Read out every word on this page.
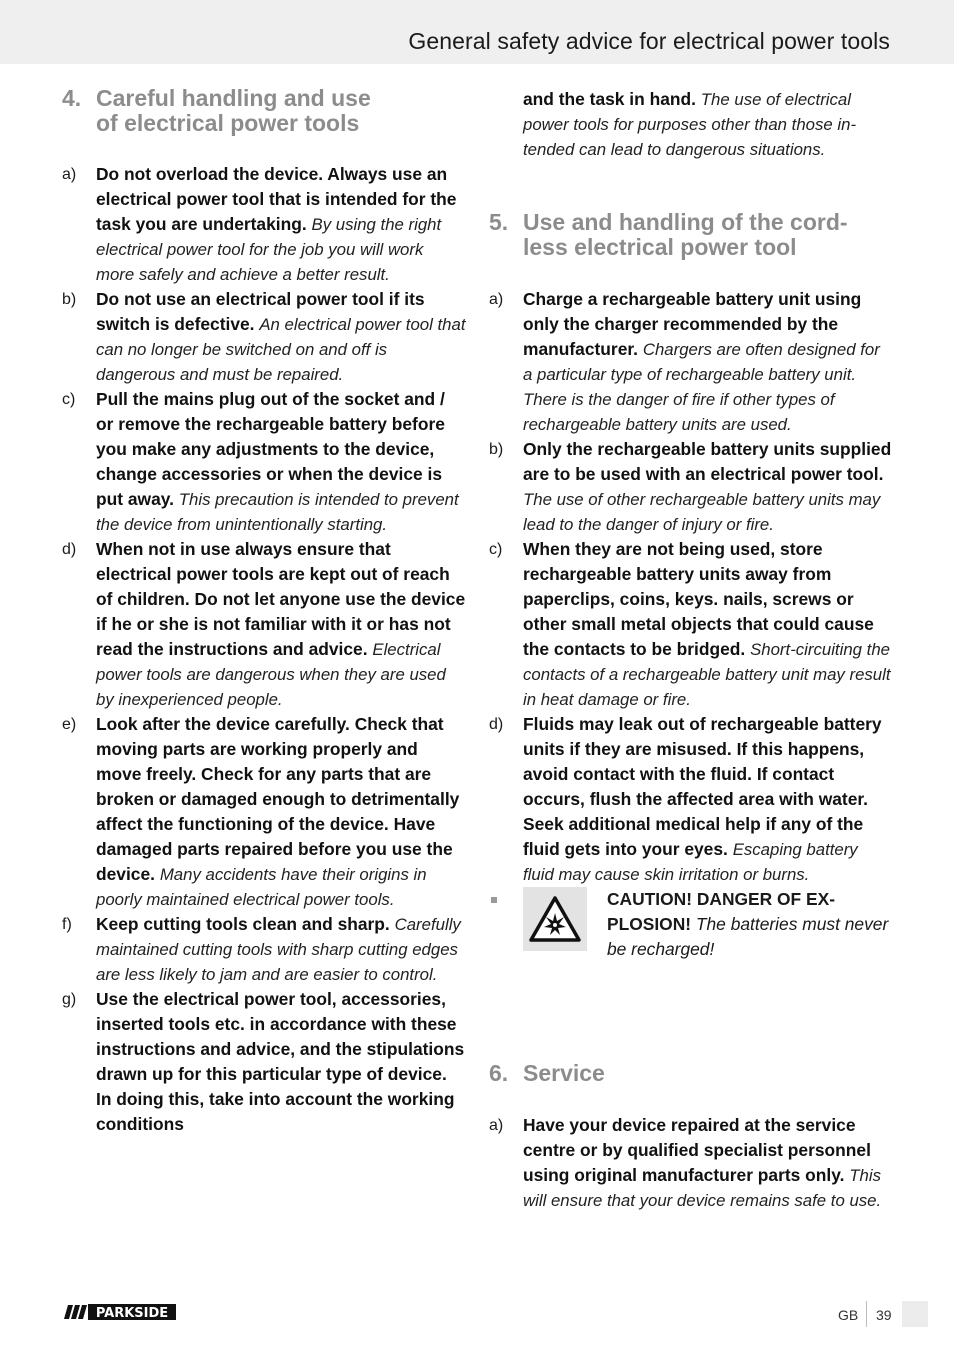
General safety advice for electrical power tools
4. Careful handling and use
of electrical power tools
a) Do not overload the device. Always use an electrical power tool that is intended for the task you are undertaking. By using the right electrical power tool for the job you will work more safely and achieve a better result.
b) Do not use an electrical power tool if its switch is defective. An electrical power tool that can no longer be switched on and off is dangerous and must be repaired.
c) Pull the mains plug out of the socket and / or remove the rechargeable battery before you make any adjustments to the device, change accessories or when the device is put away. This precaution is intended to prevent the device from unintentionally starting.
d) When not in use always ensure that electrical power tools are kept out of reach of children. Do not let anyone use the device if he or she is not familiar with it or has not read the instructions and advice. Electrical power tools are dangerous when they are used by inexperienced people.
e) Look after the device carefully. Check that moving parts are working properly and move freely. Check for any parts that are broken or damaged enough to detrimentally affect the functioning of the device. Have damaged parts repaired before you use the device. Many accidents have their origins in poorly maintained electrical power tools.
f) Keep cutting tools clean and sharp. Carefully maintained cutting tools with sharp cutting edges are less likely to jam and are easier to control.
g) Use the electrical power tool, accessories, inserted tools etc. in accordance with these instructions and advice, and the stipulations drawn up for this particular type of device. In doing this, take into account the working conditions
and the task in hand. The use of electrical power tools for purposes other than those intended can lead to dangerous situations.
5. Use and handling of the cord-
less electrical power tool
a) Charge a rechargeable battery unit using only the charger recommended by the manufacturer. Chargers are often designed for a particular type of rechargeable battery unit. There is the danger of fire if other types of rechargeable battery units are used.
b) Only the rechargeable battery units supplied are to be used with an electrical power tool. The use of other rechargeable battery units may lead to the danger of injury or fire.
c) When they are not being used, store rechargeable battery units away from paperclips, coins, keys. nails, screws or other small metal objects that could cause the contacts to be bridged. Short-circuiting the contacts of a rechargeable battery unit may result in heat damage or fire.
d) Fluids may leak out of rechargeable battery units if they are misused. If this happens, avoid contact with the fluid. If contact occurs, flush the affected area with water. Seek additional medical help if any of the fluid gets into your eyes. Escaping battery fluid may cause skin irritation or burns.
CAUTION! DANGER OF EXPLOSION! The batteries must never be recharged!
6. Service
a) Have your device repaired at the service centre or by qualified specialist personnel using original manufacturer parts only. This will ensure that your device remains safe to use.
PARKSIDE	GB 39
